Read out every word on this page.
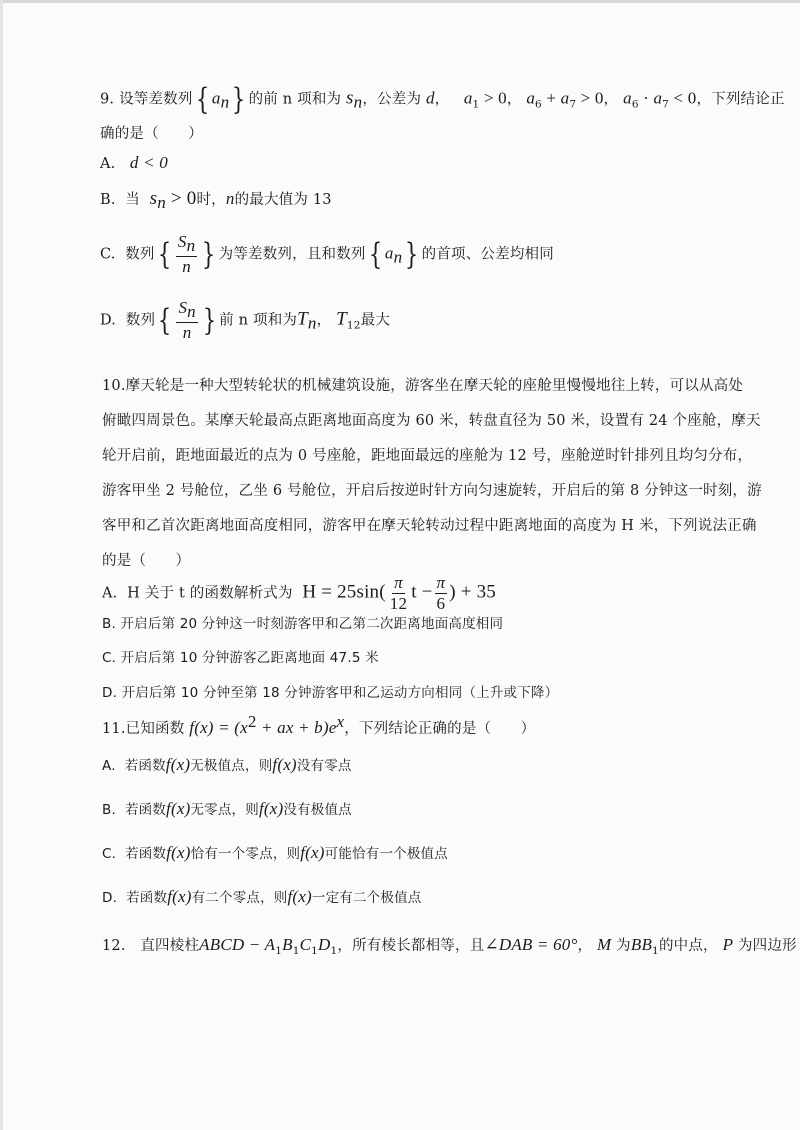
9. 设等差数列{ $a_n$} 的前 n 项和为 $s_n$，公差为 d， $a_1 > 0$， $a_6 + a_7 > 0$， $a_6 \cdot a_7 < 0$，下列结论正
确的是（　　）
A. d < 0
B. 当 $s_n > 0$时，n的最大值为 13
C. 数列{ $\frac{S_n}{n}$ } 为等差数列，且和数列{ $a_n$} 的首项、公差均相同
D. 数列{ $\frac{S_n}{n}$ } 前 n 项和为$T_n$， $T_{12}$最大
10.摩天轮是一种大型转轮状的机械建筑设施，游客坐在摩天轮的座舱里慢慢地往上转，可以从高处
俯瞰四周景色。某摩天轮最高点距离地面高度为 60 米，转盘直径为 50 米，设置有 24 个座舱，摩天
轮开启前，距地面最近的点为 0 号座舱，距地面最远的座舱为 12 号，座舱逆时针排列且均匀分布，
游客甲坐 2 号舱位，乙坐 6 号舱位，开启后按逆时针方向匀速旋转，开启后的第 8 分钟这一时刻，游
客甲和乙首次距离地面高度相同，游客甲在摩天轮转动过程中距离地面的高度为 H 米，下列说法正确
的是（　　）
A. H 关于 t 的函数解析式为 $H = 25\sin( \frac{\pi}{12}$ $t - \frac{\pi}{6}$ ) + 35
B. 开启后第 20 分钟这一时刻游客甲和乙第二次距离地面高度相同
C. 开启后第 10 分钟游客乙距离地面 47.5 米
D. 开启后第 10 分钟至第 18 分钟游客甲和乙运动方向相同（上升或下降）
11.已知函数 $f(x) = (x^2$ + ax + $b)e^x$，下列结论正确的是（　　）
A. 若函数f(x)无极值点，则f(x)没有零点
B. 若函数f(x)无零点，则f(x)没有极值点
C. 若函数f(x)恰有一个零点，则f(x)可能恰有一个极值点
D. 若函数f(x)有二个零点，则f(x)一定有二个极值点
12.　直四棱柱ABCD − $A_1B_1C_1D_1$，所有棱长都相等，且∠DAB = 60°， M 为$BB_1$的中点， P 为四边形
